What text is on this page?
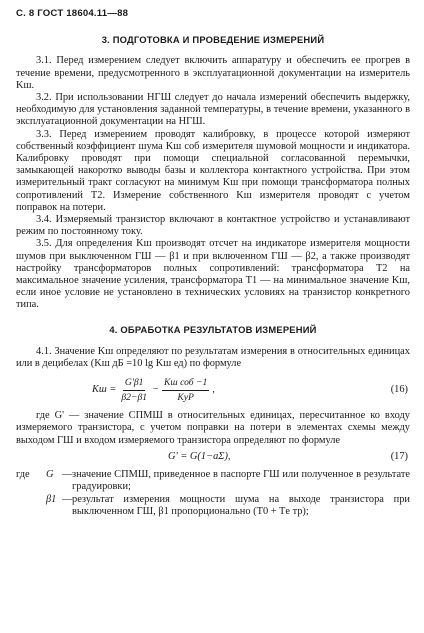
С. 8 ГОСТ 18604.11—88
3. ПОДГОТОВКА И ПРОВЕДЕНИЕ ИЗМЕРЕНИЙ

3.1. Перед измерением следует включить аппаратуру и обеспечить ее прогрев в течение времени, предусмотренного в эксплуатационной документации на измеритель Kш.

3.2. При использовании НГШ следует до начала измерений обеспечить выдержку, необходимую для установления заданной температуры, в течение времени, указанного в эксплуатационной документации на НГШ.

3.3. Перед измерением проводят калибровку, в процессе которой измеряют собственный коэффициент шума Kш соб измерителя шумовой мощности и индикатора. Калибровку проводят при помощи специальной согласованной перемычки, замыкающей накоротко выводы базы и коллектора контактного устройства. При этом измерительный тракт согласуют на минимум Kш при помощи трансформатора полных сопротивлений T2. Измерение собственного Kш измерителя проводят с учетом поправок на потери.

3.4. Измеряемый транзистор включают в контактное устройство и устанавливают режим по постоянному току.

3.5. Для определения Kш производят отсчет на индикаторе измерителя мощности шумов при выключенном ГШ — β1 и при включенном ГШ — β2, а также производят настройку трансформаторов полных сопротивлений: трансформатора T2 на максимальное значение усиления, трансформатора T1 — на минимальное значение Kш, если иное условие не установлено в технических условиях на транзистор конкретного типа.

4. ОБРАБОТКА РЕЗУЛЬТАТОВ ИЗМЕРЕНИЙ

4.1. Значение Kш определяют по результатам измерения в относительных единицах или в децибелах (Kш дБ =10 lg Kш ед) по формуле

Kш = $\frac{G'\beta 1}{\beta 2-\beta 1} - \frac{\text{Kш соб −1}}{\text{KуР}}$ ,	(16)

где G' — значение СПМШ в относительных единицах, пересчитанное ко входу измеряемого транзистора, с учетом поправки на потери в элементах схемы между выходом ГШ и входом измеряемого транзистора определяют по формуле

G' = G(1−aΣ),	(17)
где	G — значение СПМШ, приведенное в паспорте ГШ или полученное в результате градуировки;
β1 — результат измерения мощности шума на выходе транзистора при выключенном ГШ, β1 пропорционально (T0 + Tе тр);
